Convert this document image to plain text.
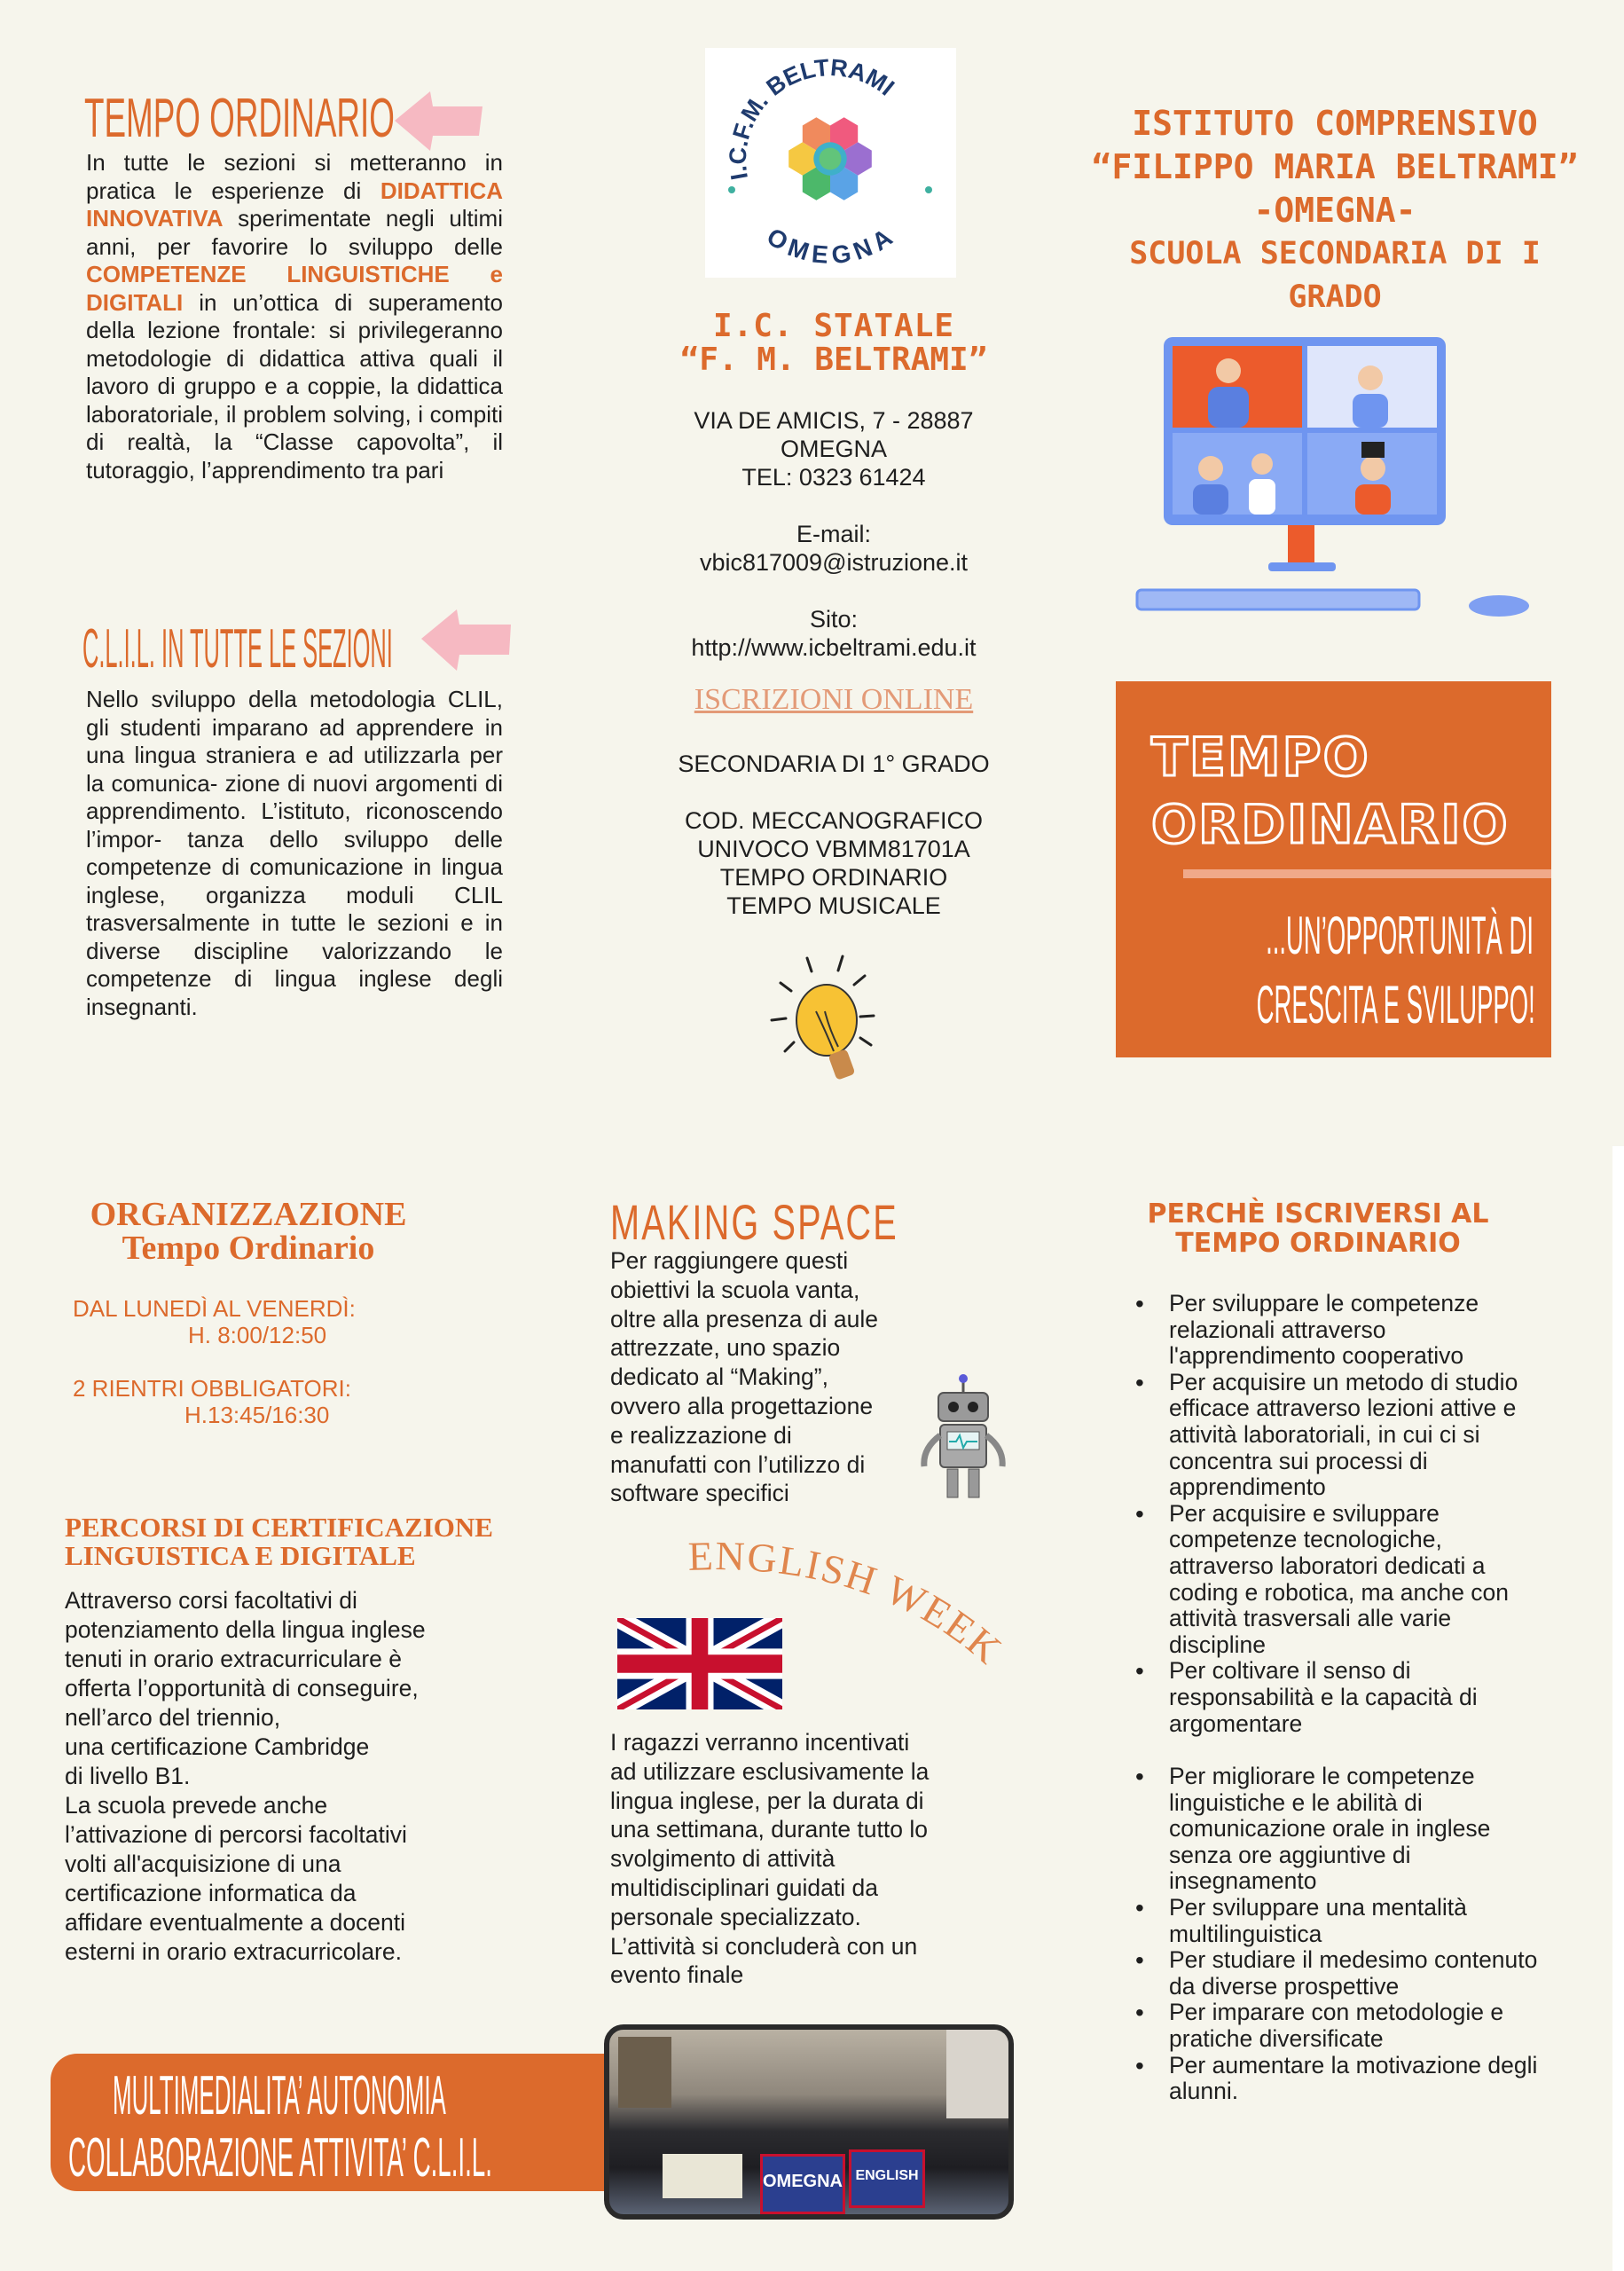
TEMPO ORDINARIO
In tutte le sezioni si metteranno in pratica le esperienze di DIDATTICA INNOVATIVA sperimentate negli ultimi anni, per favorire lo sviluppo delle COMPETENZE LINGUISTICHE e DIGITALI in un’ottica di superamento della lezione frontale: si privilegeranno metodologie di didattica attiva quali il lavoro di gruppo e a coppie, la didattica laboratoriale, il problem solving, i compiti di realtà, la “Classe capovolta”, il tutoraggio, l’apprendimento tra pari
C.L.I.L. IN TUTTE LE SEZIONI
Nello sviluppo della metodologia CLIL, gli studenti imparano ad apprendere in una lingua straniera e ad utilizzarla per la comunica- zione di nuovi argomenti di apprendimento. L’istituto, riconoscendo l’impor- tanza dello sviluppo delle competenze di comunicazione in lingua inglese, organizza moduli CLIL trasversalmente in tutte le sezioni e in diverse discipline valorizzando le competenze di lingua inglese degli insegnanti.
I.C.F.M. BELTRAMI
OMEGNA
I.C. STATALE
“F. M. BELTRAMI”
VIA DE AMICIS, 7 - 28887
OMEGNA
TEL: 0323 61424
E-mail:
vbic817009@istruzione.it
Sito:
http://www.icbeltrami.edu.it
ISCRIZIONI ONLINE
SECONDARIA DI 1° GRADO
COD. MECCANOGRAFICO
UNIVOCO VBMM81701A
TEMPO ORDINARIO
TEMPO MUSICALE
ISTITUTO COMPRENSIVO
“FILIPPO MARIA BELTRAMI”
-OMEGNA-
SCUOLA SECONDARIA DI I GRADO
TEMPO
ORDINARIO
...UN’OPPORTUNITÀ DI
CRESCITA E SVILUPPO!
ORGANIZZAZIONE
Tempo Ordinario
DAL LUNEDÌ AL VENERDÌ:
H. 8:00/12:50
2 RIENTRI OBBLIGATORI:
H.13:45/16:30
PERCORSI DI CERTIFICAZIONE
LINGUISTICA E DIGITALE
Attraverso corsi facoltativi di
potenziamento della lingua inglese
tenuti in orario extracurriculare è
offerta l’opportunità di conseguire,
nell’arco del triennio,
una certificazione Cambridge
di livello B1.
La scuola prevede anche
l’attivazione di percorsi facoltativi
volti all'acquisizione di una
certificazione informatica da
affidare eventualmente a docenti
esterni in orario extracurricolare.
MULTIMEDIALITA’ AUTONOMIA
COLLABORAZIONE ATTIVITA’ C.L.I.L.
MAKING SPACE
Per raggiungere questi
obiettivi la scuola vanta,
oltre alla presenza di aule
attrezzate, uno spazio
dedicato al “Making”,
ovvero alla progettazione
e realizzazione di
manufatti con l’utilizzo di
software specifici
ENGLISH WEEK
I ragazzi verranno incentivati
ad utilizzare esclusivamente la
lingua inglese, per la durata di
una settimana, durante tutto lo
svolgimento di attività
multidisciplinari guidati da
personale specializzato.
L’attività si concluderà con un
evento finale
OMEGNA ENGLISH
PERCHÈ ISCRIVERSI AL
TEMPO ORDINARIO
• Per sviluppare le competenze relazionali attraverso l'apprendimento cooperativo
• Per acquisire un metodo di studio efficace attraverso lezioni attive e attività laboratoriali, in cui ci si concentra sui processi di apprendimento
• Per acquisire e sviluppare competenze tecnologiche, attraverso laboratori dedicati a coding e robotica, ma anche con attività trasversali alle varie discipline
• Per coltivare il senso di responsabilità e la capacità di argomentare
• Per migliorare le competenze linguistiche e le abilità di comunicazione orale in inglese senza ore aggiuntive di insegnamento
• Per sviluppare una mentalità multilinguistica
• Per studiare il medesimo contenuto da diverse prospettive
• Per imparare con metodologie e pratiche diversificate
• Per aumentare la motivazione degli alunni.
